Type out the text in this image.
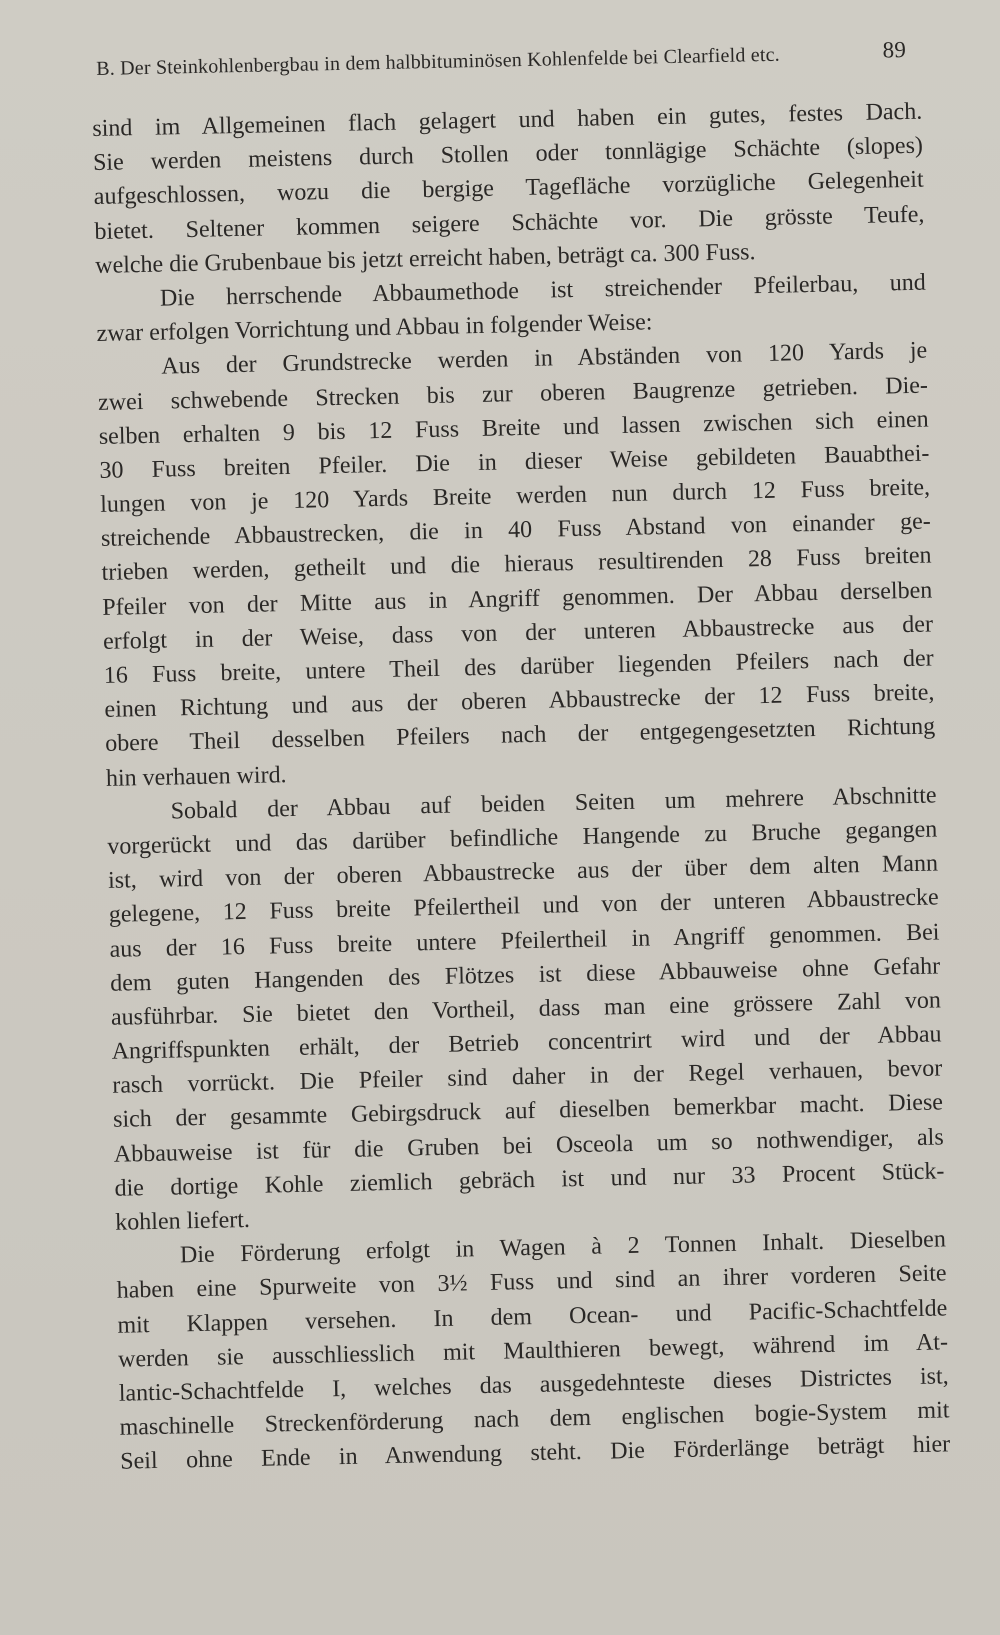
B. Der Steinkohlenbergbau in dem halbbituminösen Kohlenfelde bei Clearfield etc.	89
sind im Allgemeinen flach gelagert und haben ein gutes, festes Dach.
Sie werden meistens durch Stollen oder tonnlägige Schächte (slopes)
aufgeschlossen, wozu die bergige Tagefläche vorzügliche Gelegenheit
bietet. Seltener kommen seigere Schächte vor. Die grösste Teufe,
welche die Grubenbaue bis jetzt erreicht haben, beträgt ca. 300 Fuss.
Die herrschende Abbaumethode ist streichender Pfeilerbau, und
zwar erfolgen Vorrichtung und Abbau in folgender Weise:
Aus der Grundstrecke werden in Abständen von 120 Yards je
zwei schwebende Strecken bis zur oberen Baugrenze getrieben. Die-
selben erhalten 9 bis 12 Fuss Breite und lassen zwischen sich einen
30 Fuss breiten Pfeiler. Die in dieser Weise gebildeten Bauabthei-
lungen von je 120 Yards Breite werden nun durch 12 Fuss breite,
streichende Abbaustrecken, die in 40 Fuss Abstand von einander ge-
trieben werden, getheilt und die hieraus resultirenden 28 Fuss breiten
Pfeiler von der Mitte aus in Angriff genommen. Der Abbau derselben
erfolgt in der Weise, dass von der unteren Abbaustrecke aus der
16 Fuss breite, untere Theil des darüber liegenden Pfeilers nach der
einen Richtung und aus der oberen Abbaustrecke der 12 Fuss breite,
obere Theil desselben Pfeilers nach der entgegengesetzten Richtung
hin verhauen wird.
Sobald der Abbau auf beiden Seiten um mehrere Abschnitte
vorgerückt und das darüber befindliche Hangende zu Bruche gegangen
ist, wird von der oberen Abbaustrecke aus der über dem alten Mann
gelegene, 12 Fuss breite Pfeilertheil und von der unteren Abbaustrecke
aus der 16 Fuss breite untere Pfeilertheil in Angriff genommen. Bei
dem guten Hangenden des Flötzes ist diese Abbauweise ohne Gefahr
ausführbar. Sie bietet den Vortheil, dass man eine grössere Zahl von
Angriffspunkten erhält, der Betrieb concentrirt wird und der Abbau
rasch vorrückt. Die Pfeiler sind daher in der Regel verhauen, bevor
sich der gesammte Gebirgsdruck auf dieselben bemerkbar macht. Diese
Abbauweise ist für die Gruben bei Osceola um so nothwendiger, als
die dortige Kohle ziemlich gebräch ist und nur 33 Procent Stück-
kohlen liefert.
Die Förderung erfolgt in Wagen à 2 Tonnen Inhalt. Dieselben
haben eine Spurweite von 3½ Fuss und sind an ihrer vorderen Seite
mit Klappen versehen. In dem Ocean- und Pacific-Schachtfelde
werden sie ausschliesslich mit Maulthieren bewegt, während im At-
lantic-Schachtfelde I, welches das ausgedehnteste dieses Districtes ist,
maschinelle Streckenförderung nach dem englischen bogie-System mit
Seil ohne Ende in Anwendung steht. Die Förderlänge beträgt hier
